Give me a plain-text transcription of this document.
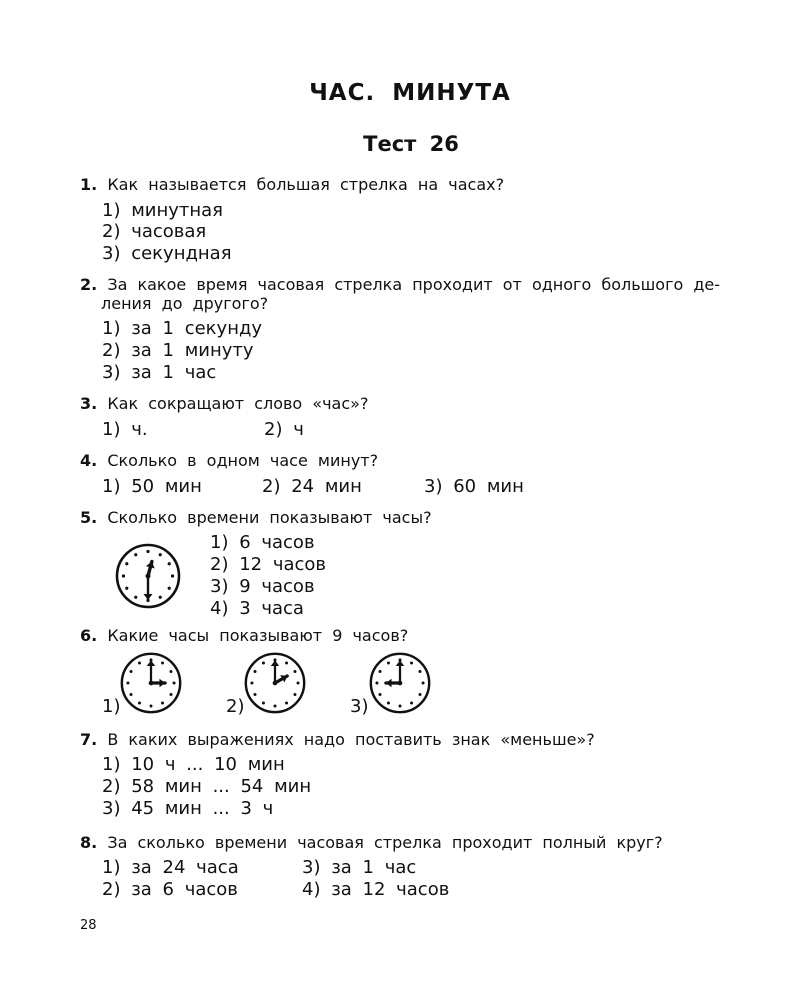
ЧАС. МИНУТА
Тест 26
1. Как называется большая стрелка на часах?
1) минутная
2) часовая
3) секундная
2. За какое время часовая стрелка проходит от одного большого де-
ления до другого?
1) за 1 секунду
2) за 1 минуту
3) за 1 час
3. Как сокращают слово «час»?
1) ч.	2) ч
4. Сколько в одном часе минут?
1) 50 мин	2) 24 мин	3) 60 мин
5. Сколько времени показывают часы?
1) 6 часов
2) 12 часов
3) 9 часов
4) 3 часа
6. Какие часы показывают 9 часов?
1)	2)	3)
7. В каких выражениях надо поставить знак «меньше»?
1) 10 ч ... 10 мин
2) 58 мин ... 54 мин
3) 45 мин ... 3 ч
8. За сколько времени часовая стрелка проходит полный круг?
1) за 24 часа	3) за 1 час
2) за 6 часов	4) за 12 часов
28
